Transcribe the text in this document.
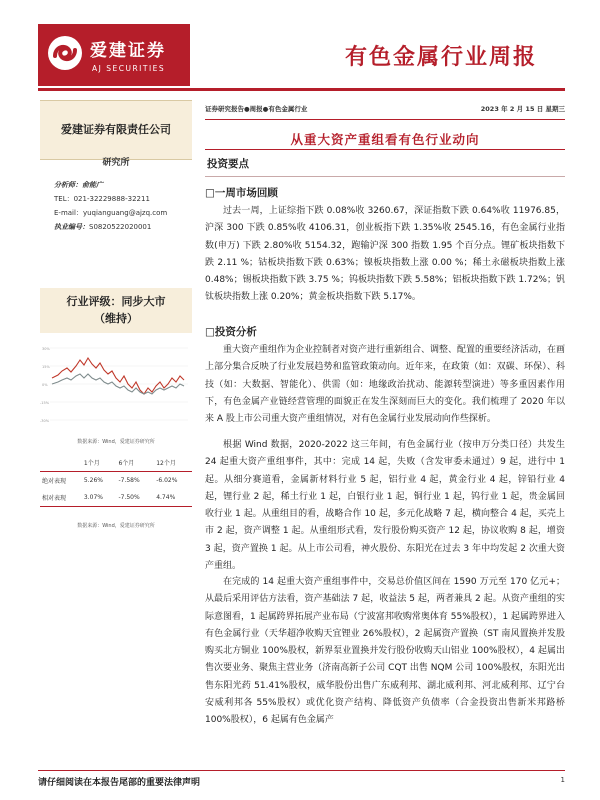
爱建证券
AJ SECURITIES	有色金属行业周报
爱建证券有限责任公司
研究所
分析师：俞能广
TEL：021-32229888-32211
E-mail：yuqianguang@ajzq.com
执业编号：S0820522020001
行业评级：同步大市
（维持）
30%
15%
0%
-15%
-30%
数据来源：Wind，爱建证券研究所
	1个月	6个月	12个月
绝对表现	5.26%	-7.58%	-6.02%
相对表现	3.07%	-7.50%	4.74%
数据来源：Wind，爱建证券研究所
证券研究报告●周报●有色金属行业	2023 年 2 月 15 日 星期三
从重大资产重组看有色行业动向
投资要点
□一周市场回顾
过去一周，上证综指下跌 0.08%收 3260.67，深证指数下跌 0.64%收 11976.85，沪深 300 下跌 0.85%收 4106.31，创业板指下跌 1.35%收 2545.16，有色金属行业指数(申万) 下跌 2.80%收 5154.32，跑输沪深 300 指数 1.95 个百分点。锂矿板块指数下跌 2.11 %；钴板块指数下跌 0.63%；镍板块指数上涨 0.00 %；稀土永磁板块指数上涨 0.48%；锡板块指数下跌 3.75 %；钨板块指数下跌 5.58%；铝板块指数下跌 1.72%；钒钛板块指数上涨 0.20%；黄金板块指数下跌 5.17%。
□投资分析
重大资产重组作为企业控制者对资产进行重新组合、调整、配置的重要经济活动，在画上部分集合反映了行业发展趋势和监管政策动向。近年来，在政策（如：双碳、环保）、科技（如：大数据、智能化）、供需（如：地缘政治扰动、能源转型演进）等多重因素作用下，有色金属产业链经营管理的面貌正在发生深刻而巨大的变化。我们梳理了 2020 年以来 A 股上市公司重大资产重组情况，对有色金属行业发展动向作些探析。
根据 Wind 数据，2020-2022 这三年间，有色金属行业（按申万分类口径）共发生 24 起重大资产重组事件，其中：完成 14 起，失败（含发审委未通过）9 起，进行中 1 起。从细分赛道看，金属新材料行业 5 起，铝行业 4 起，黄金行业 4 起，锌铅行业 4 起，锂行业 2 起，稀土行业 1 起，白银行业 1 起，铜行业 1 起，钨行业 1 起，贵金属回收行业 1 起。从重组目的看，战略合作 10 起，多元化战略 7 起，横向整合 4 起，买壳上市 2 起，资产调整 1 起。从重组形式看，发行股份购买资产 12 起，协议收购 8 起，增资 3 起，资产置换 1 起。从上市公司看，神火股份、东阳光在过去 3 年中均发起 2 次重大资产重组。
在完成的 14 起重大资产重组事件中，交易总价值区间在 1590 万元至 170 亿元+；从最后采用评估方法看，资产基础法 7 起，收益法 5 起，两者兼具 2 起。从资产重组的实际意图看，1 起属跨界拓展产业布局（宁波富邦收购常奥体育 55%股权），1 起属跨界进入有色金属行业（天华超净收购天宜锂业 26%股权），2 起属资产置换（ST 南风置换并发股购买北方铜业 100%股权，新界泵业置换并发行股份收购天山铝业 100%股权），4 起属出售次要业务、聚焦主营业务（济南高新子公司 CQT 出售 NQM 公司 100%股权，东阳光出售东阳光药 51.41%股权，威华股份出售广东威利邦、湖北威利邦、河北威利邦、辽宁台安威利邦各 55%股权）或优化资产结构、降低资产负债率（合金投资出售新米邦路桥 100%股权），6 起属有色金属产
请仔细阅读在本报告尾部的重要法律声明	1
